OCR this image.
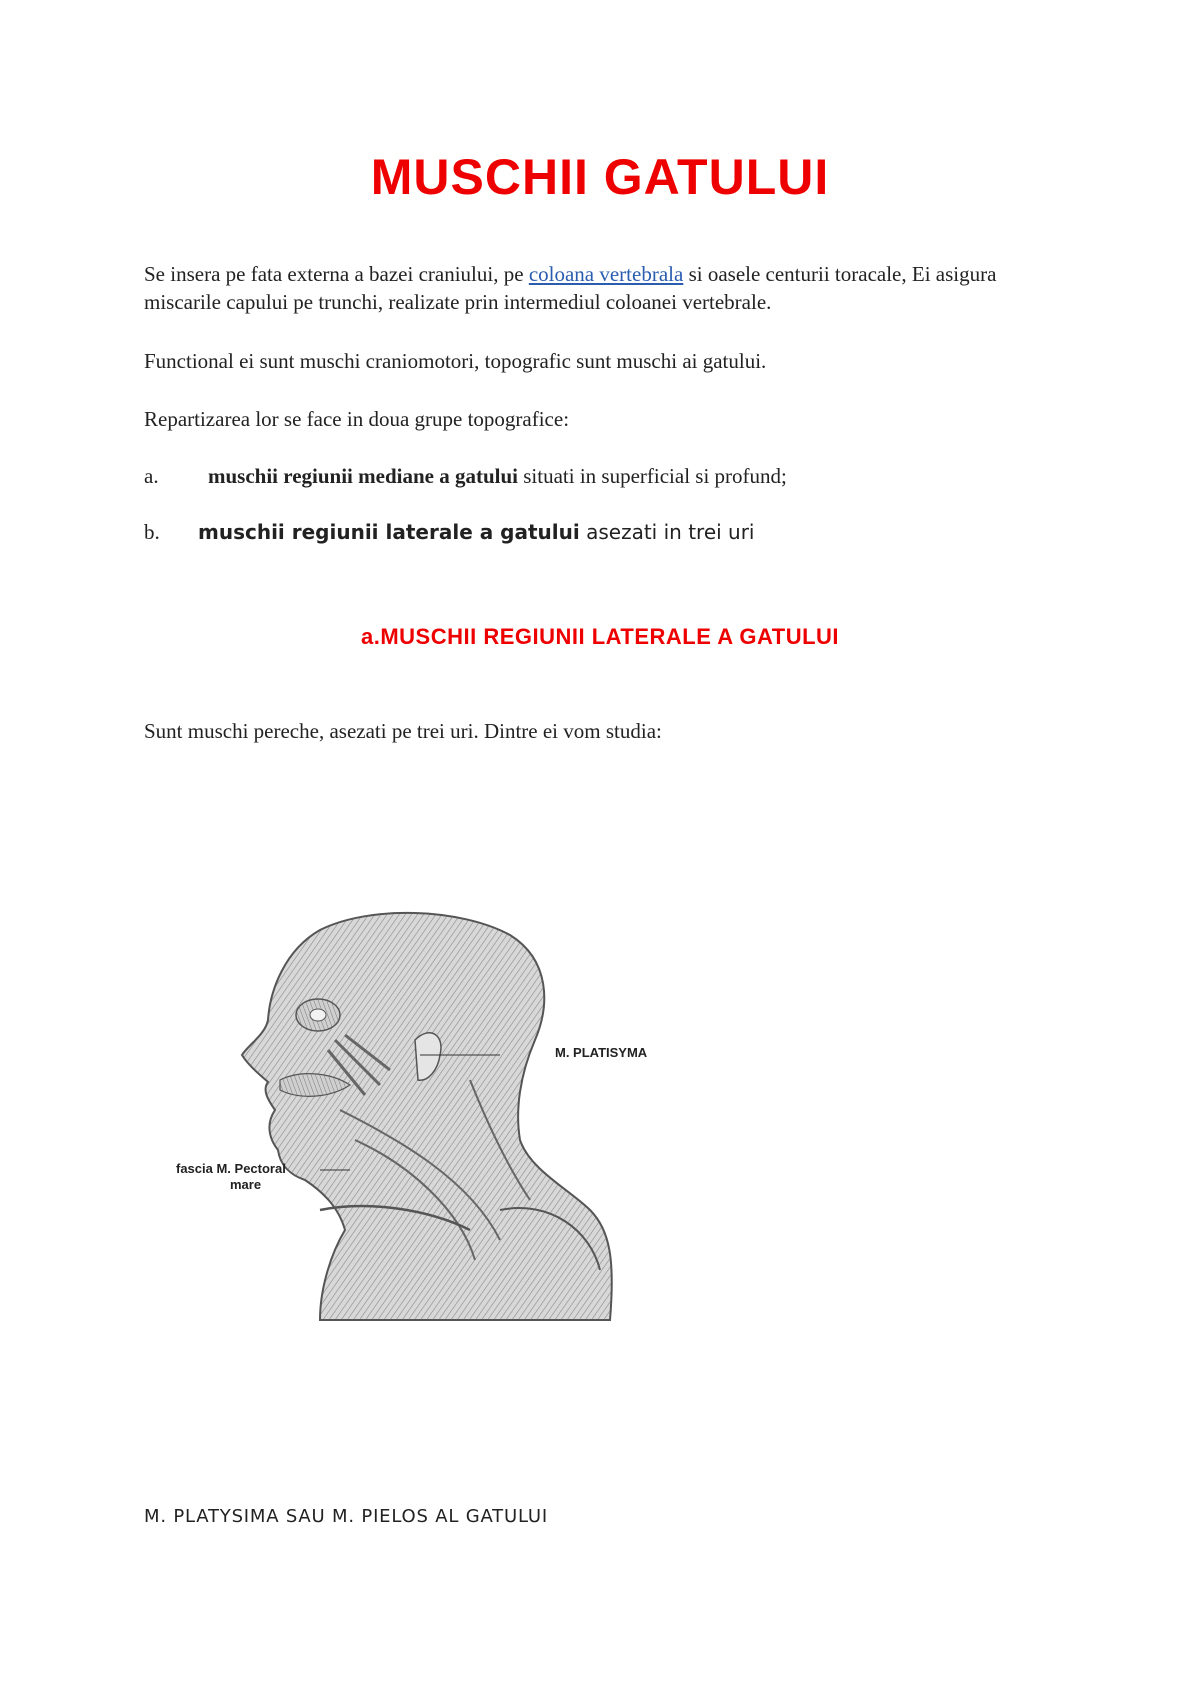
MUSCHII GATULUI
Se insera pe fata externa a bazei craniului, pe coloana vertebrala si oasele centurii toracale, Ei asigura miscarile capului pe trunchi, realizate prin intermediul coloanei vertebrale.
Functional ei sunt muschi craniomotori, topografic sunt muschi ai gatului.
Repartizarea lor se face in doua grupe topografice:
a. muschii regiunii mediane a gatului situati in superficial si profund;
b. muschii regiunii laterale a gatului asezati in trei uri
a.MUSCHII REGIUNII LATERALE A GATULUI
Sunt muschi pereche, asezati pe trei uri. Dintre ei vom studia:
M. PLATISYMA
fascia M. Pectoral
mare
M. PLATYSIMA SAU M. PIELOS AL GATULUI
